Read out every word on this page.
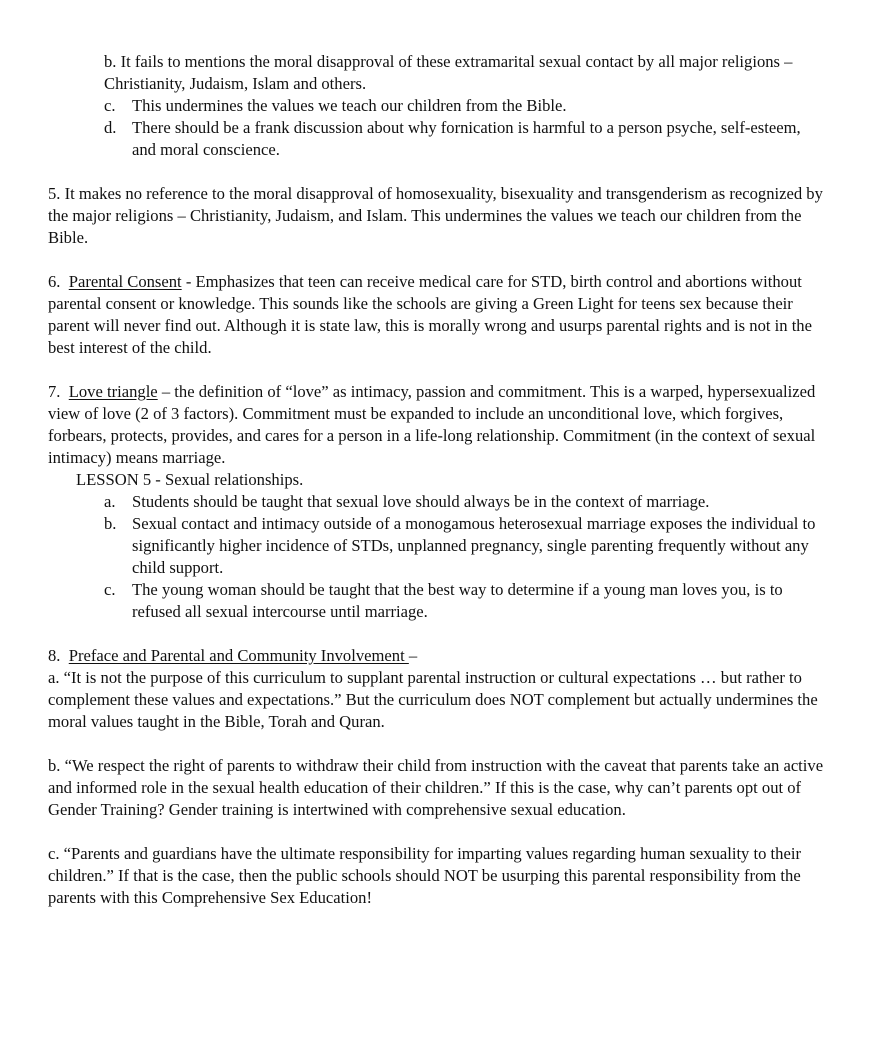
b. It fails to mentions the moral disapproval of these extramarital sexual contact by all major religions – Christianity, Judaism, Islam and others.

c. This undermines the values we teach our children from the Bible.

d. There should be a frank discussion about why fornication is harmful to a person psyche, self-esteem, and moral conscience.

5. It makes no reference to the moral disapproval of homosexuality, bisexuality and transgenderism as recognized by the major religions – Christianity, Judaism, and Islam. This undermines the values we teach our children from the Bible.

6. Parental Consent - Emphasizes that teen can receive medical care for STD, birth control and abortions without parental consent or knowledge. This sounds like the schools are giving a Green Light for teens sex because their parent will never find out. Although it is state law, this is morally wrong and usurps parental rights and is not in the best interest of the child.

7. Love triangle – the definition of “love” as intimacy, passion and commitment. This is a warped, hypersexualized view of love (2 of 3 factors). Commitment must be expanded to include an unconditional love, which forgives, forbears, protects, provides, and cares for a person in a life-long relationship. Commitment (in the context of sexual intimacy) means marriage.

LESSON 5 - Sexual relationships.

a. Students should be taught that sexual love should always be in the context of marriage.

b. Sexual contact and intimacy outside of a monogamous heterosexual marriage exposes the individual to significantly higher incidence of STDs, unplanned pregnancy, single parenting frequently without any child support.

c. The young woman should be taught that the best way to determine if a young man loves you, is to refused all sexual intercourse until marriage.

8. Preface and Parental and Community Involvement –

a. “It is not the purpose of this curriculum to supplant parental instruction or cultural expectations … but rather to complement these values and expectations.” But the curriculum does NOT complement but actually undermines the moral values taught in the Bible, Torah and Quran.

b. “We respect the right of parents to withdraw their child from instruction with the caveat that parents take an active and informed role in the sexual health education of their children.” If this is the case, why can’t parents opt out of Gender Training? Gender training is intertwined with comprehensive sexual education.

c. “Parents and guardians have the ultimate responsibility for imparting values regarding human sexuality to their children.” If that is the case, then the public schools should NOT be usurping this parental responsibility from the parents with this Comprehensive Sex Education!
